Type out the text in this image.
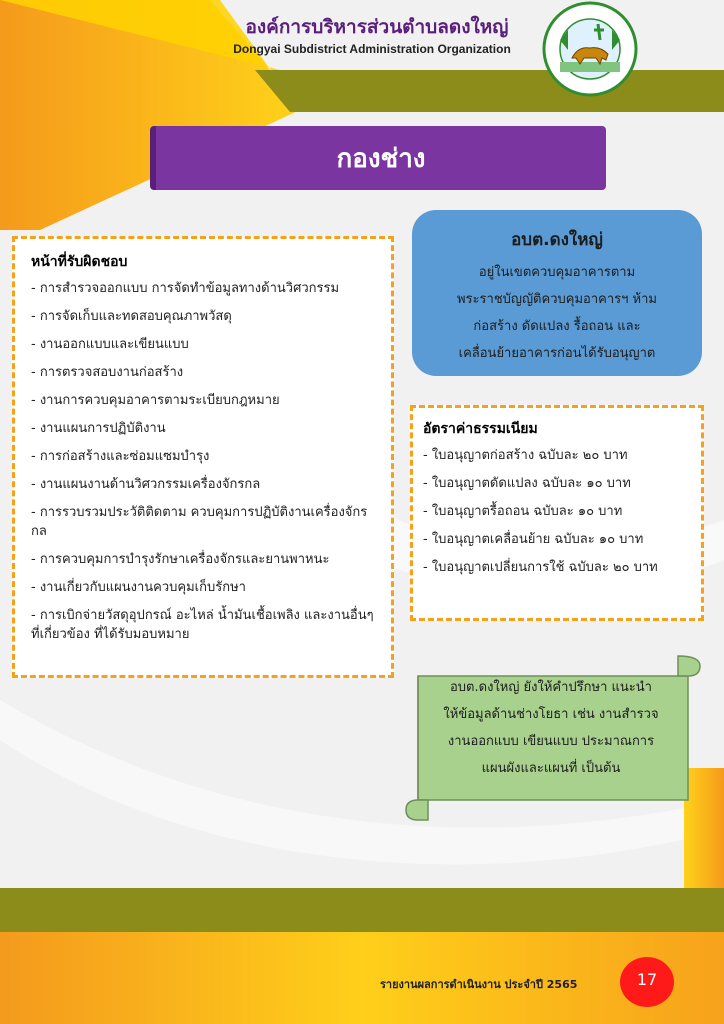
องค์การบริหารส่วนตำบลดงใหญ่
Dongyai Subdistrict Administration Organization
กองช่าง
หน้าที่รับผิดชอบ
- การสำรวจออกแบบ การจัดทำข้อมูลทางด้านวิศวกรรม
- การจัดเก็บและทดสอบคุณภาพวัสดุ
- งานออกแบบและเขียนแบบ
- การตรวจสอบงานก่อสร้าง
- งานการควบคุมอาคารตามระเบียบกฎหมาย
- งานแผนการปฏิบัติงาน
- การก่อสร้างและซ่อมแซมบำรุง
- งานแผนงานด้านวิศวกรรมเครื่องจักรกล
- การรวบรวมประวัติติดตาม ควบคุมการปฏิบัติงานเครื่องจักรกล
- การควบคุมการบำรุงรักษาเครื่องจักรและยานพาหนะ
- งานเกี่ยวกับแผนงานควบคุมเก็บรักษา
- การเบิกจ่ายวัสดุอุปกรณ์ อะไหล่ น้ำมันเชื้อเพลิง และงานอื่นๆที่เกี่ยวข้อง ที่ได้รับมอบหมาย
อบต.ดงใหญ่
อยู่ในเขตควบคุมอาคารตาม
พระราชบัญญัติควบคุมอาคารฯ ห้าม
ก่อสร้าง ดัดแปลง รื้อถอน และ
เคลื่อนย้ายอาคารก่อนได้รับอนุญาต
อัตราค่าธรรมเนียม
- ใบอนุญาตก่อสร้าง ฉบับละ ๒๐ บาท
- ใบอนุญาตดัดแปลง ฉบับละ ๑๐ บาท
- ใบอนุญาตรื้อถอน ฉบับละ ๑๐ บาท
- ใบอนุญาตเคลื่อนย้าย ฉบับละ ๑๐ บาท
- ใบอนุญาตเปลี่ยนการใช้ ฉบับละ ๒๐ บาท
อบต.ดงใหญ่ ยังให้คำปรึกษา แนะนำ
ให้ข้อมูลด้านช่างโยธา เช่น งานสำรวจ
งานออกแบบ เขียนแบบ ประมาณการ
แผนผังและแผนที่ เป็นต้น
รายงานผลการดำเนินงาน ประจำปี 2565	17
